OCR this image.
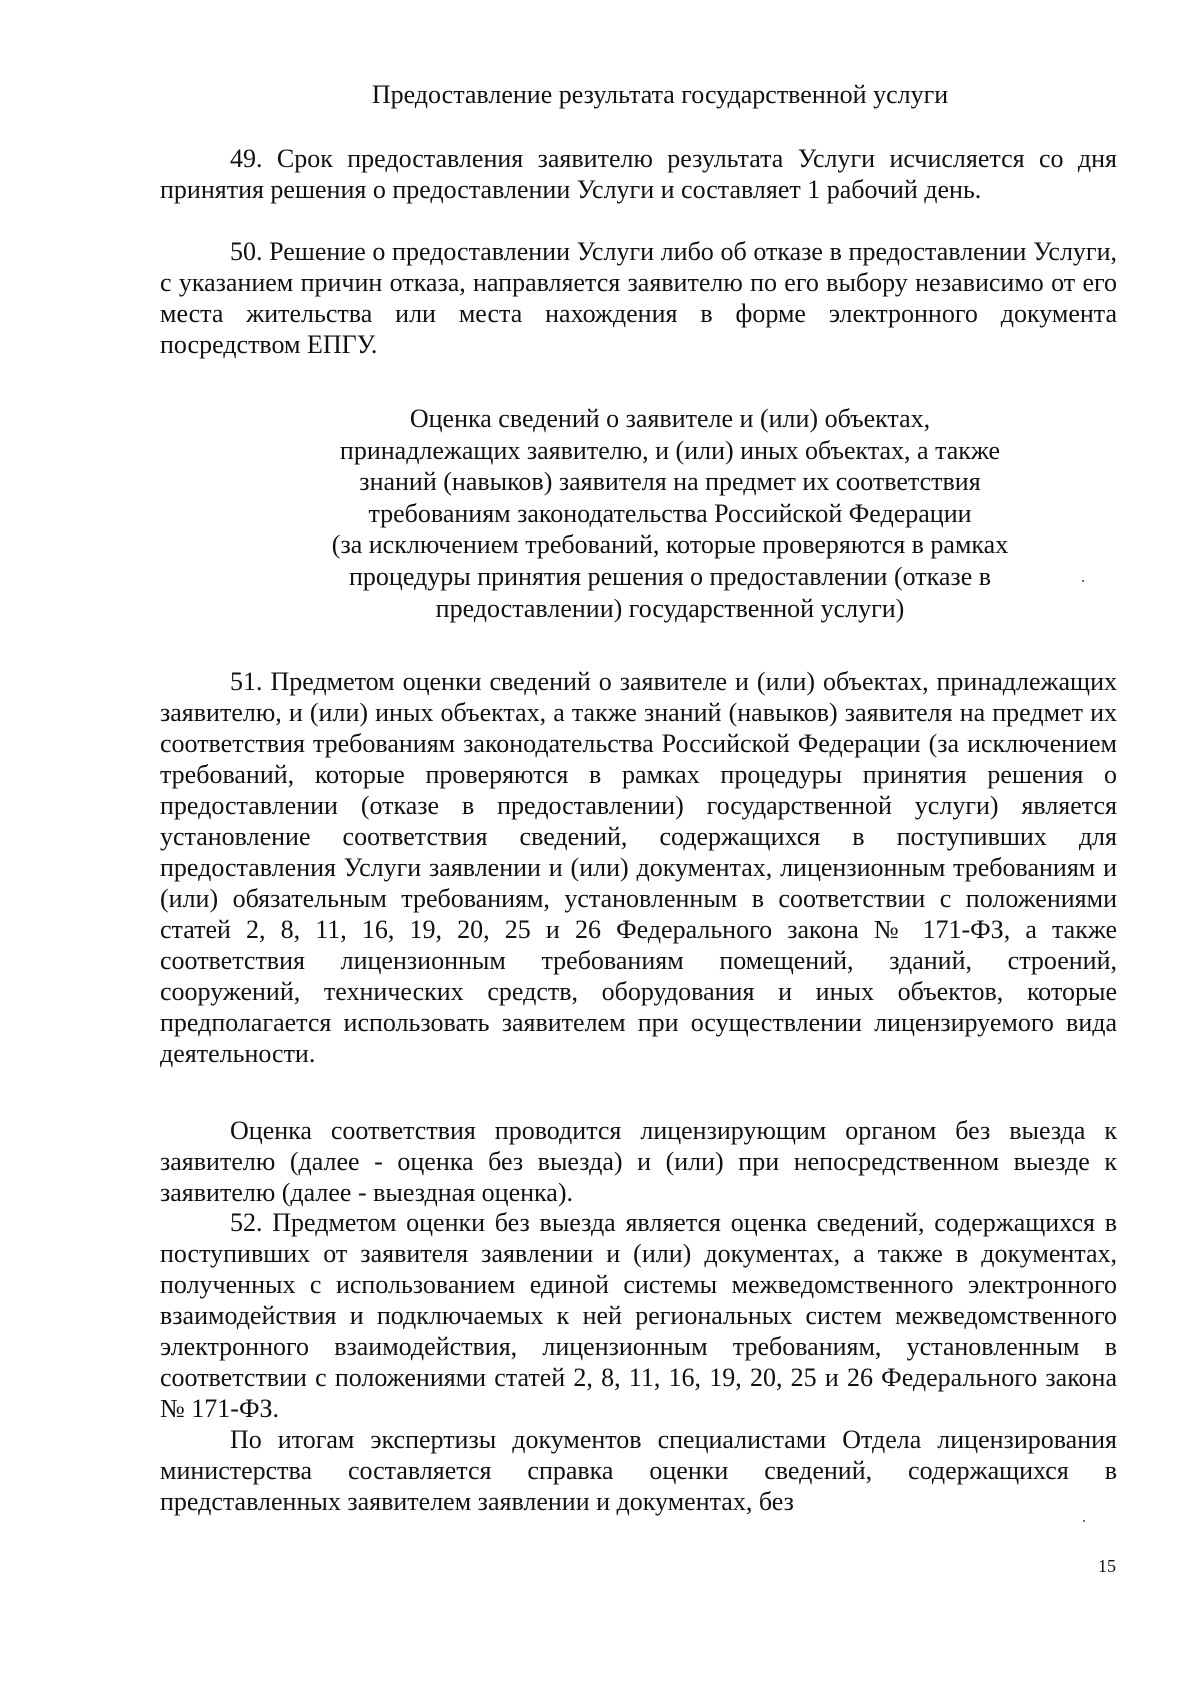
Предоставление результата государственной услуги

49. Срок предоставления заявителю результата Услуги исчисляется со дня принятия решения о предоставлении Услуги и составляет 1 рабочий день.

50. Решение о предоставлении Услуги либо об отказе в предоставлении Услуги, с указанием причин отказа, направляется заявителю по его выбору независимо от его места жительства или места нахождения в форме электронного документа посредством ЕПГУ.

Оценка сведений о заявителе и (или) объектах,
принадлежащих заявителю, и (или) иных объектах, а также
знаний (навыков) заявителя на предмет их соответствия
требованиям законодательства Российской Федерации
(за исключением требований, которые проверяются в рамках
процедуры принятия решения о предоставлении (отказе в
предоставлении) государственной услуги)

51. Предметом оценки сведений о заявителе и (или) объектах, принадлежащих заявителю, и (или) иных объектах, а также знаний (навыков) заявителя на предмет их соответствия требованиям законодательства Российской Федерации (за исключением требований, которые проверяются в рамках процедуры принятия решения о предоставлении (отказе в предоставлении) государственной услуги) является установление соответствия сведений, содержащихся в поступивших для предоставления Услуги заявлении и (или) документах, лицензионным требованиям и (или) обязательным требованиям, установленным в соответствии с положениями статей 2, 8, 11, 16, 19, 20, 25 и 26 Федерального закона № 171-ФЗ, а также соответствия лицензионным требованиям помещений, зданий, строений, сооружений, технических средств, оборудования и иных объектов, которые предполагается использовать заявителем при осуществлении лицензируемого вида деятельности.

Оценка соответствия проводится лицензирующим органом без выезда к заявителю (далее - оценка без выезда) и (или) при непосредственном выезде к заявителю (далее - выездная оценка).

52. Предметом оценки без выезда является оценка сведений, содержащихся в поступивших от заявителя заявлении и (или) документах, а также в документах, полученных с использованием единой системы межведомственного электронного взаимодействия и подключаемых к ней региональных систем межведомственного электронного взаимодействия, лицензионным требованиям, установленным в соответствии с положениями статей 2, 8, 11, 16, 19, 20, 25 и 26 Федерального закона № 171-ФЗ.

По итогам экспертизы документов специалистами Отдела лицензирования министерства составляется справка оценки сведений, содержащихся в представленных заявителем заявлении и документах, без

15
